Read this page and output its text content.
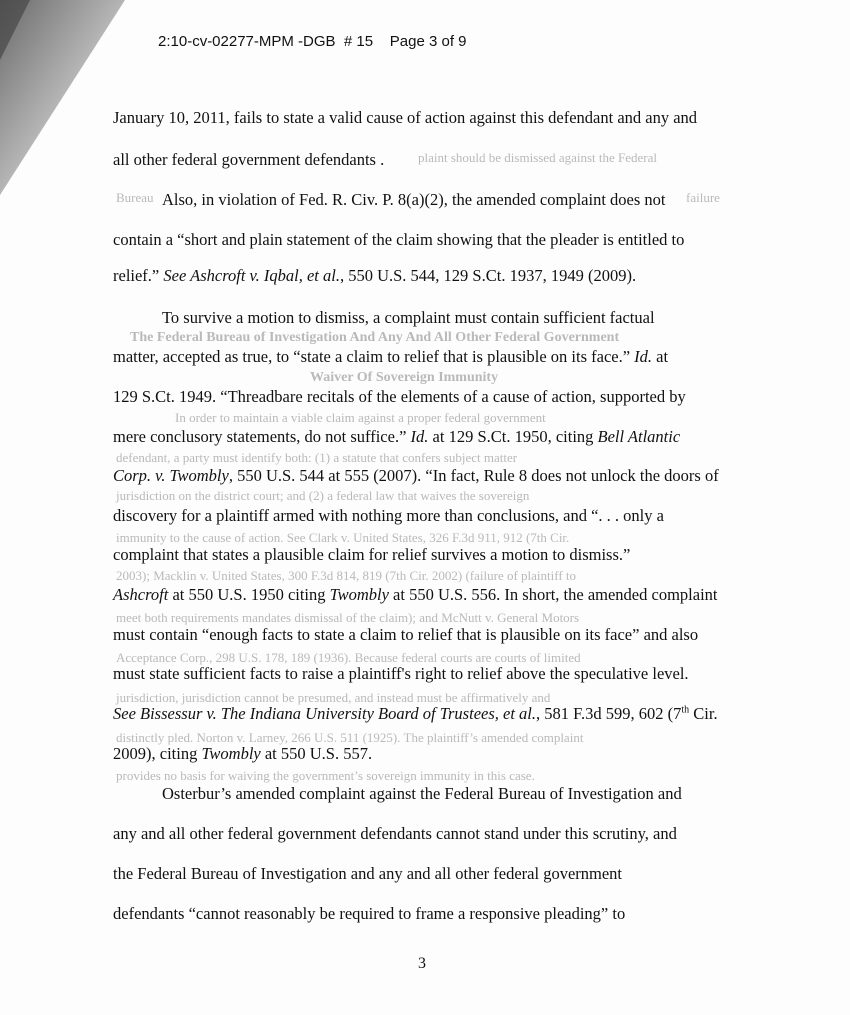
plaint should be dismissed against the Federal
Bureau	failure
The Federal Bureau of Investigation And Any And All Other Federal Government
Waiver Of Sovereign Immunity
In order to maintain a viable claim against a proper federal government
defendant, a party must identify both: (1) a statute that confers subject matter
jurisdiction on the district court; and (2) a federal law that waives the sovereign
immunity to the cause of action. See Clark v. United States, 326 F.3d 911, 912 (7th Cir.
2003); Macklin v. United States, 300 F.3d 814, 819 (7th Cir. 2002) (failure of plaintiff to
meet both requirements mandates dismissal of the claim); and McNutt v. General Motors
Acceptance Corp., 298 U.S. 178, 189 (1936). Because federal courts are courts of limited
jurisdiction, jurisdiction cannot be presumed, and instead must be affirmatively and
distinctly pled. Norton v. Larney, 266 U.S. 511 (1925). The plaintiff’s amended complaint
provides no basis for waiving the government’s sovereign immunity in this case.
2:10-cv-02277-MPM -DGB # 15 Page 3 of 9
January 10, 2011, fails to state a valid cause of action against this defendant and any and
all other federal government defendants .
Also, in violation of Fed. R. Civ. P. 8(a)(2), the amended complaint does not
contain a “short and plain statement of the claim showing that the pleader is entitled to
relief.” See Ashcroft v. Iqbal, et al., 550 U.S. 544, 129 S.Ct. 1937, 1949 (2009).
To survive a motion to dismiss, a complaint must contain sufficient factual
matter, accepted as true, to “state a claim to relief that is plausible on its face.” Id. at
129 S.Ct. 1949. “Threadbare recitals of the elements of a cause of action, supported by
mere conclusory statements, do not suffice.” Id. at 129 S.Ct. 1950, citing Bell Atlantic
Corp. v. Twombly, 550 U.S. 544 at 555 (2007). “In fact, Rule 8 does not unlock the doors of
discovery for a plaintiff armed with nothing more than conclusions, and “. . . only a
complaint that states a plausible claim for relief survives a motion to dismiss.”
Ashcroft at 550 U.S. 1950 citing Twombly at 550 U.S. 556. In short, the amended complaint
must contain “enough facts to state a claim to relief that is plausible on its face” and also
must state sufficient facts to raise a plaintiff's right to relief above the speculative level.
See Bissessur v. The Indiana University Board of Trustees, et al., 581 F.3d 599, 602 (7th Cir.
2009), citing Twombly at 550 U.S. 557.
Osterbur’s amended complaint against the Federal Bureau of Investigation and
any and all other federal government defendants cannot stand under this scrutiny, and
the Federal Bureau of Investigation and any and all other federal government
defendants “cannot reasonably be required to frame a responsive pleading” to
3
